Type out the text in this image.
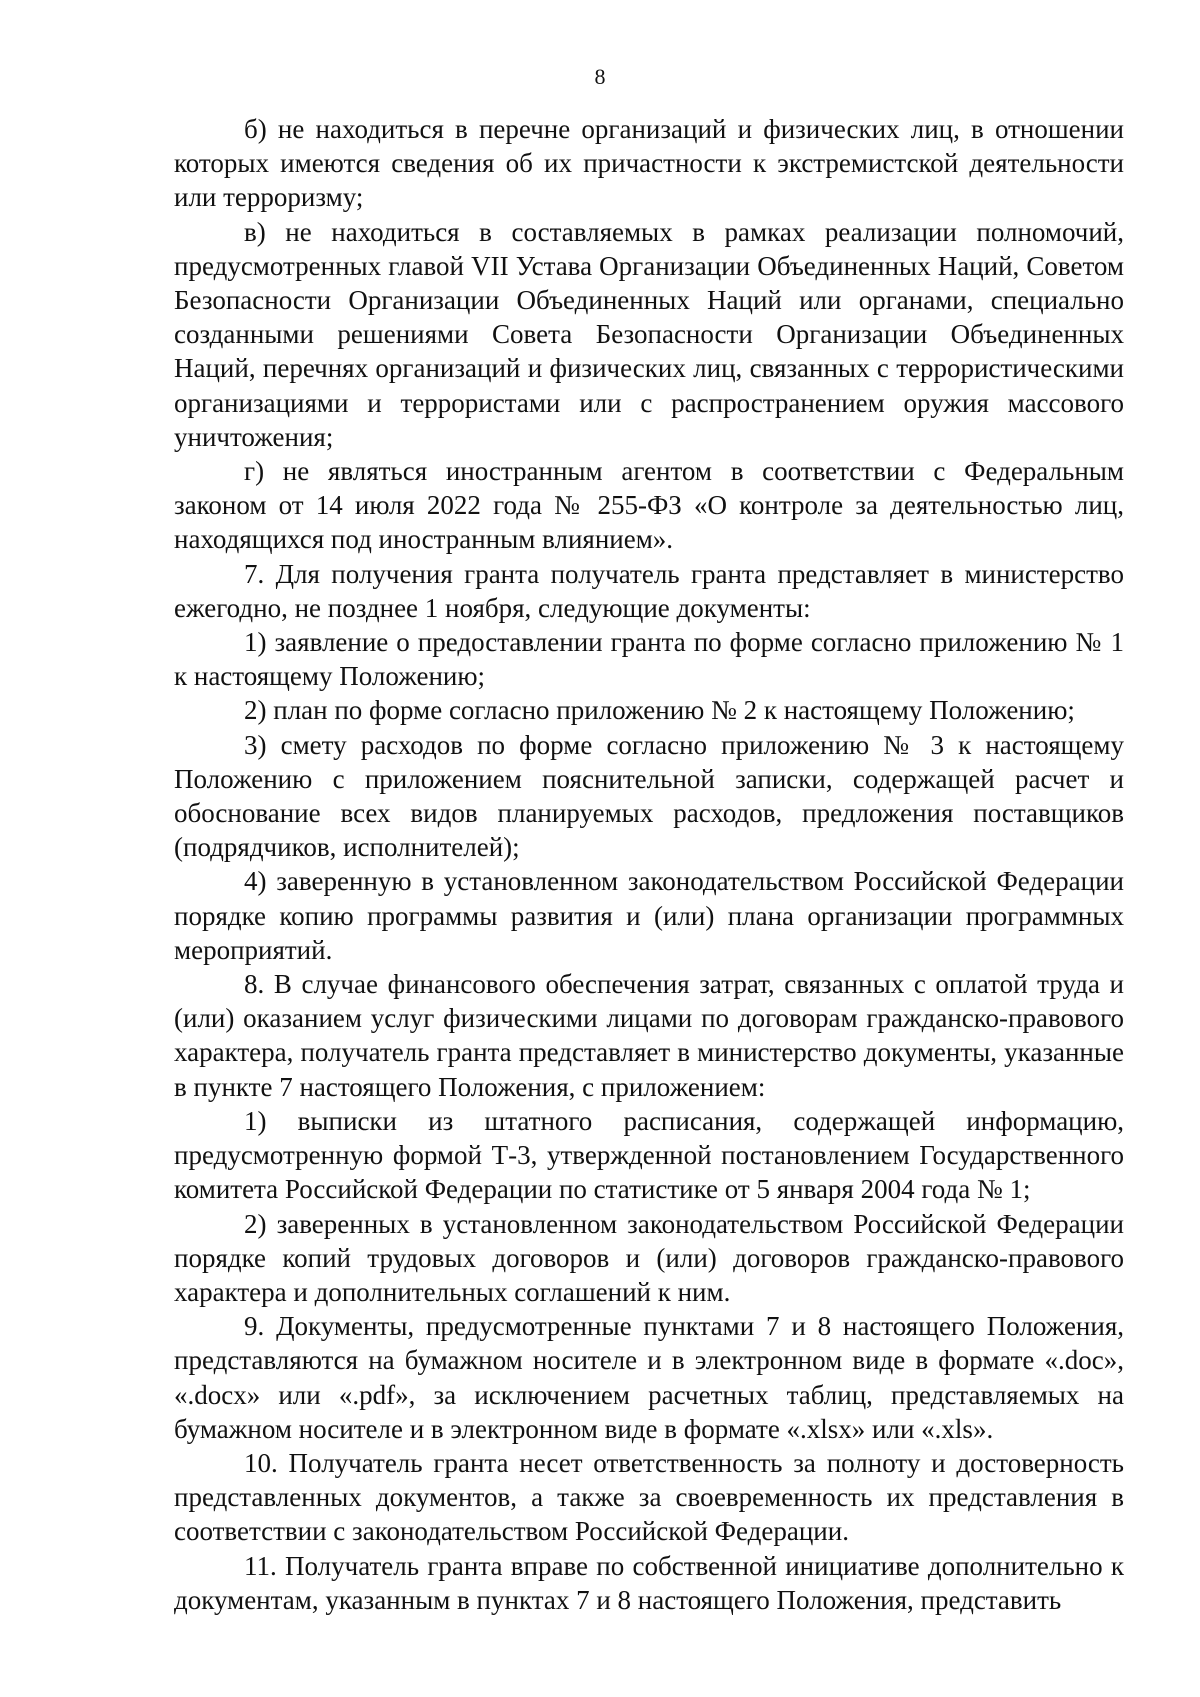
8

б) не находиться в перечне организаций и физических лиц, в отношении которых имеются сведения об их причастности к экстремистской деятельности или терроризму;

в) не находиться в составляемых в рамках реализации полномочий, предусмотренных главой VII Устава Организации Объединенных Наций, Советом Безопасности Организации Объединенных Наций или органами, специально созданными решениями Совета Безопасности Организации Объединенных Наций, перечнях организаций и физических лиц, связанных с террористическими организациями и террористами или с распространением оружия массового уничтожения;

г) не являться иностранным агентом в соответствии с Федеральным законом от 14 июля 2022 года № 255-ФЗ «О контроле за деятельностью лиц, находящихся под иностранным влиянием».

7. Для получения гранта получатель гранта представляет в министерство ежегодно, не позднее 1 ноября, следующие документы:

1) заявление о предоставлении гранта по форме согласно приложению № 1 к настоящему Положению;

2) план по форме согласно приложению № 2 к настоящему Положению;

3) смету расходов по форме согласно приложению № 3 к настоящему Положению с приложением пояснительной записки, содержащей расчет и обоснование всех видов планируемых расходов, предложения поставщиков (подрядчиков, исполнителей);

4) заверенную в установленном законодательством Российской Федерации порядке копию программы развития и (или) плана организации программных мероприятий.

8. В случае финансового обеспечения затрат, связанных с оплатой труда и (или) оказанием услуг физическими лицами по договорам гражданско-правового характера, получатель гранта представляет в министерство документы, указанные в пункте 7 настоящего Положения, с приложением:

1) выписки из штатного расписания, содержащей информацию, предусмотренную формой Т-3, утвержденной постановлением Государственного комитета Российской Федерации по статистике от 5 января 2004 года № 1;

2) заверенных в установленном законодательством Российской Федерации порядке копий трудовых договоров и (или) договоров гражданско-правового характера и дополнительных соглашений к ним.

9. Документы, предусмотренные пунктами 7 и 8 настоящего Положения, представляются на бумажном носителе и в электронном виде в формате «.doc», «.docx» или «.pdf», за исключением расчетных таблиц, представляемых на бумажном носителе и в электронном виде в формате «.xlsx» или «.xls».

10. Получатель гранта несет ответственность за полноту и достоверность представленных документов, а также за своевременность их представления в соответствии с законодательством Российской Федерации.

11. Получатель гранта вправе по собственной инициативе дополнительно к документам, указанным в пунктах 7 и 8 настоящего Положения, представить
